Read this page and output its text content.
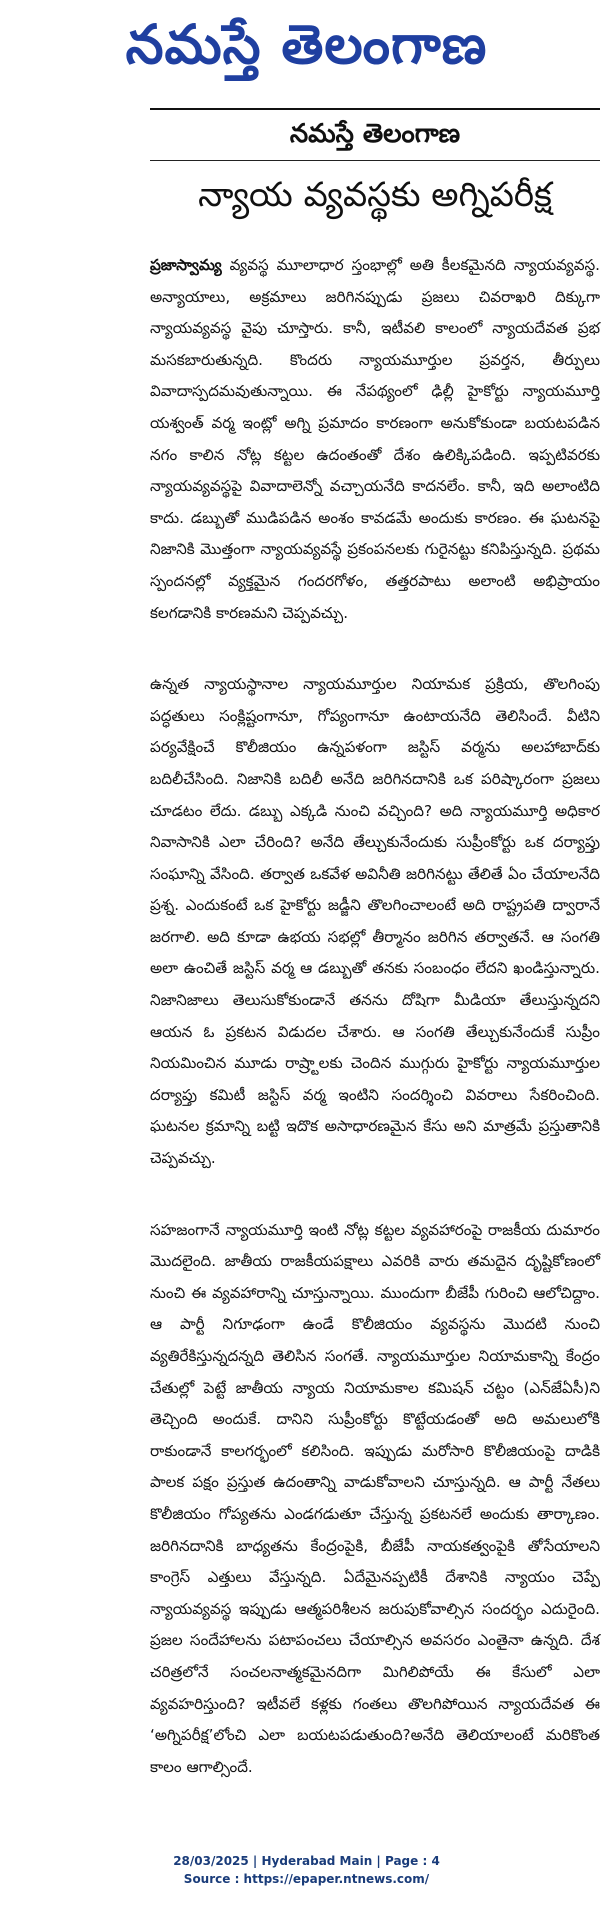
నమస్తే తెలంగాణ
నమస్తే తెలంగాణ
న్యాయ వ్యవస్థకు అగ్నిపరీక్ష

ప్రజాస్వామ్య వ్యవస్థ మూలాధార స్తంభాల్లో అతి కీలకమైనది న్యాయవ్యవస్థ. అన్యాయాలు, అక్రమాలు జరిగినప్పుడు ప్రజలు చివరాఖరి దిక్కుగా న్యాయవ్యవస్థ వైపు చూస్తారు. కానీ, ఇటీవలి కాలంలో న్యాయదేవత ప్రభ మసకబారుతున్నది. కొందరు న్యాయమూర్తుల ప్రవర్తన, తీర్పులు వివాదాస్పదమవుతున్నాయి. ఈ నేపథ్యంలో ఢిల్లీ హైకోర్టు న్యాయమూర్తి యశ్వంత్ వర్మ ఇంట్లో అగ్ని ప్రమాదం కారణంగా అనుకోకుండా బయటపడిన నగం కాలిన నోట్ల కట్టల ఉదంతంతో దేశం ఉలిక్కిపడింది. ఇప్పటివరకు న్యాయవ్యవస్థపై వివాదాలెన్నో వచ్చాయనేది కాదనలేం. కానీ, ఇది అలాంటిది కాదు. డబ్బుతో ముడిపడిన అంశం కావడమే అందుకు కారణం. ఈ ఘటనపై నిజానికి మొత్తంగా న్యాయవ్యవస్థే ప్రకంపనలకు గురైనట్టు కనిపిస్తున్నది. ప్రథమ స్పందనల్లో వ్యక్తమైన గందరగోళం, తత్తరపాటు అలాంటి అభిప్రాయం కలగడానికి కారణమని చెప్పవచ్చు.

ఉన్నత న్యాయస్థానాల న్యాయమూర్తుల నియామక ప్రక్రియ, తొలగింపు పద్ధతులు సంక్లిష్టంగానూ, గోప్యంగానూ ఉంటాయనేది తెలిసిందే. వీటిని పర్యవేక్షించే కొలీజియం ఉన్నపళంగా జస్టిస్ వర్మను అలహాబాద్‌కు బదిలీచేసింది. నిజానికి బదిలీ అనేది జరిగినదానికి ఒక పరిష్కారంగా ప్రజలు చూడటం లేదు. డబ్బు ఎక్కడి నుంచి వచ్చింది? అది న్యాయమూర్తి అధికార నివాసానికి ఎలా చేరింది? అనేది తేల్చుకునేందుకు సుప్రీంకోర్టు ఒక దర్యాప్తు సంఘాన్ని వేసింది. తర్వాత ఒకవేళ అవినీతి జరిగినట్టు తేలితే ఏం చేయాలనేది ప్రశ్న. ఎందుకంటే ఒక హైకోర్టు జడ్జీని తొలగించాలంటే అది రాష్ట్రపతి ద్వారానే జరగాలి. అది కూడా ఉభయ సభల్లో తీర్మానం జరిగిన తర్వాతనే. ఆ సంగతి అలా ఉంచితే జస్టిస్ వర్మ ఆ డబ్బుతో తనకు సంబంధం లేదని ఖండిస్తున్నారు. నిజానిజాలు తెలుసుకోకుండానే తనను దోషిగా మీడియా తేలుస్తున్నదని ఆయన ఓ ప్రకటన విడుదల చేశారు. ఆ సంగతి తేల్చుకునేందుకే సుప్రీం నియమించిన మూడు రాష్ర్టాలకు చెందిన ముగ్గురు హైకోర్టు న్యాయమూర్తుల దర్యాప్తు కమిటీ జస్టిస్ వర్మ ఇంటిని సందర్శించి వివరాలు సేకరించింది. ఘటనల క్రమాన్ని బట్టి ఇదొక అసాధారణమైన కేసు అని మాత్రమే ప్రస్తుతానికి చెప్పవచ్చు.

సహజంగానే న్యాయమూర్తి ఇంటి నోట్ల కట్టల వ్యవహారంపై రాజకీయ దుమారం మొదలైంది. జాతీయ రాజకీయపక్షాలు ఎవరికి వారు తమదైన దృష్టికోణంలో నుంచి ఈ వ్యవహారాన్ని చూస్తున్నాయి. ముందుగా బీజేపీ గురించి ఆలోచిద్దాం. ఆ పార్టీ నిగూఢంగా ఉండే కొలీజియం వ్యవస్థను మొదటి నుంచి వ్యతిరేకిస్తున్నదన్నది తెలిసిన సంగతే. న్యాయమూర్తుల నియామకాన్ని కేంద్రం చేతుల్లో పెట్టే జాతీయ న్యాయ నియామకాల కమిషన్ చట్టం (ఎన్‌జేఏసీ)ని తెచ్చింది అందుకే. దానిని సుప్రీంకోర్టు కొట్టేయడంతో అది అమలులోకి రాకుండానే కాలగర్భంలో కలిసింది. ఇప్పుడు మరోసారి కొలీజియంపై దాడికి పాలక పక్షం ప్రస్తుత ఉదంతాన్ని వాడుకోవాలని చూస్తున్నది. ఆ పార్టీ నేతలు కొలీజియం గోప్యతను ఎండగడుతూ చేస్తున్న ప్రకటనలే అందుకు తార్కాణం. జరిగినదానికి బాధ్యతను కేంద్రంపైకి, బీజేపీ నాయకత్వంపైకి తోసేయాలని కాంగ్రెస్ ఎత్తులు వేస్తున్నది. ఏదేమైనప్పటికీ దేశానికి న్యాయం చెప్పే న్యాయవ్యవస్థ ఇప్పుడు ఆత్మపరిశీలన జరుపుకోవాల్సిన సందర్భం ఎదురైంది. ప్రజల సందేహాలను పటాపంచలు చేయాల్సిన అవసరం ఎంతైనా ఉన్నది. దేశ చరిత్రలోనే సంచలనాత్మకమైనదిగా మిగిలిపోయే ఈ కేసులో ఎలా వ్యవహరిస్తుంది? ఇటీవలే కళ్లకు గంతలు తొలగిపోయిన న్యాయదేవత ఈ ‘అగ్నిపరీక్ష’లోంచి ఎలా బయటపడుతుంది?అనేది తెలియాలంటే మరికొంత కాలం ఆగాల్సిందే.

28/03/2025 | Hyderabad Main | Page : 4
Source : https://epaper.ntnews.com/
